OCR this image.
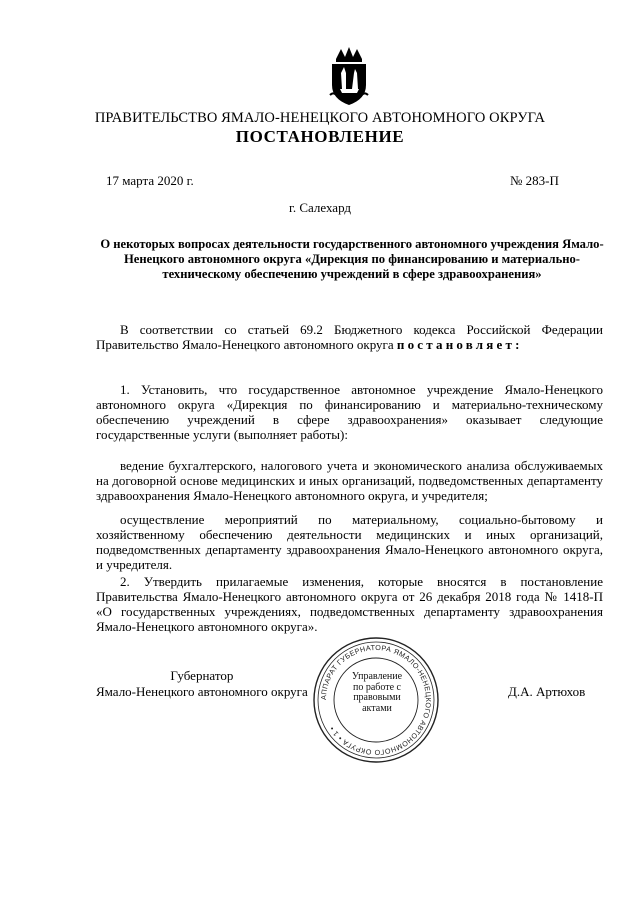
ПРАВИТЕЛЬСТВО ЯМАЛО-НЕНЕЦКОГО АВТОНОМНОГО ОКРУГА
ПОСТАНОВЛЕНИЕ
17 марта 2020 г.	№ 283-П
г. Салехард
О некоторых вопросах деятельности государственного автономного учреждения Ямало-Ненецкого автономного округа «Дирекция по финансированию и материально-техническому обеспечению учреждений в сфере здравоохранения»
В соответствии со статьей 69.2 Бюджетного кодекса Российской Федерации Правительство Ямало-Ненецкого автономного округа постановляет:
1. Установить, что государственное автономное учреждение Ямало-Ненецкого автономного округа «Дирекция по финансированию и материально-техническому обеспечению учреждений в сфере здравоохранения» оказывает следующие государственные услуги (выполняет работы):
ведение бухгалтерского, налогового учета и экономического анализа обслуживаемых на договорной основе медицинских и иных организаций, подведомственных департаменту здравоохранения Ямало-Ненецкого автономного округа, и учредителя;
осуществление мероприятий по материальному, социально-бытовому и хозяйственному обеспечению деятельности медицинских и иных организаций, подведомственных департаменту здравоохранения Ямало-Ненецкого автономного округа, и учредителя.
2. Утвердить прилагаемые изменения, которые вносятся в постановление Правительства Ямало-Ненецкого автономного округа от 26 декабря 2018 года № 1418-П «О государственных учреждениях, подведомственных департаменту здравоохранения Ямало-Ненецкого автономного округа».
АППАРАТ ГУБЕРНАТОРА ЯМАЛО-НЕНЕЦКОГО АВТОНОМНОГО ОКРУГА • 1 •
Управление по работе с правовыми актами
Губернатор
Ямало-Ненецкого автономного округа	Д.А. Артюхов
